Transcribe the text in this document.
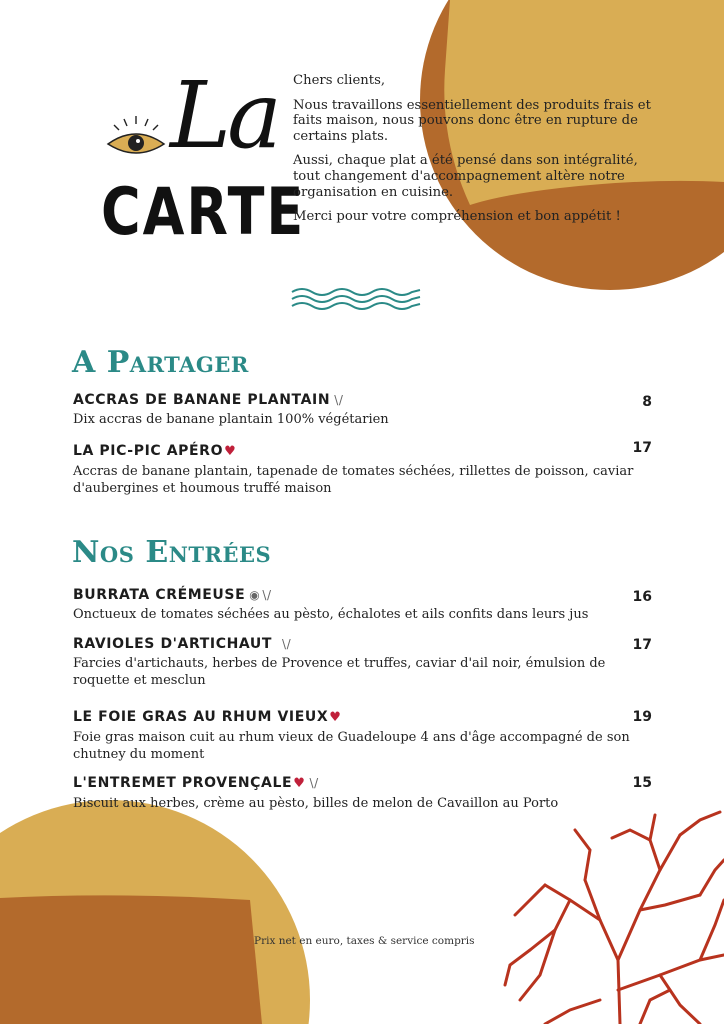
La
CARTE

Chers clients,

Nous travaillons essentiellement des produits frais et faits maison, nous pouvons donc être en rupture de certains plats.

Aussi, chaque plat a été pensé dans son intégralité, tout changement d'accompagnement altère notre organisation en cuisine.

Merci pour votre compréhension et bon appétit !

A Partager
ACCRAS DE BANANE PLANTAIN \/
Dix accras de banane plantain 100% végétarien
8
LA PIC-PIC APÉRO♥
Accras de banane plantain, tapenade de tomates séchées, rillettes de poisson, caviar d'aubergines et houmous truffé maison
17
Nos Entrées
BURRATA CRÉMEUSE ◉ \/
Onctueux de tomates séchées au pèsto, échalotes et ails confits dans leurs jus
16
RAVIOLES D'ARTICHAUT \/
Farcies d'artichauts, herbes de Provence et truffes, caviar d'ail noir, émulsion de roquette et mesclun
17
LE FOIE GRAS AU RHUM VIEUX♥
Foie gras maison cuit au rhum vieux de Guadeloupe 4 ans d'âge accompagné de son chutney du moment
19
L'ENTREMET PROVENÇALE♥ \/
Biscuit aux herbes, crème au pèsto, billes de melon de Cavaillon au Porto
15
Prix net en euro, taxes & service compris
